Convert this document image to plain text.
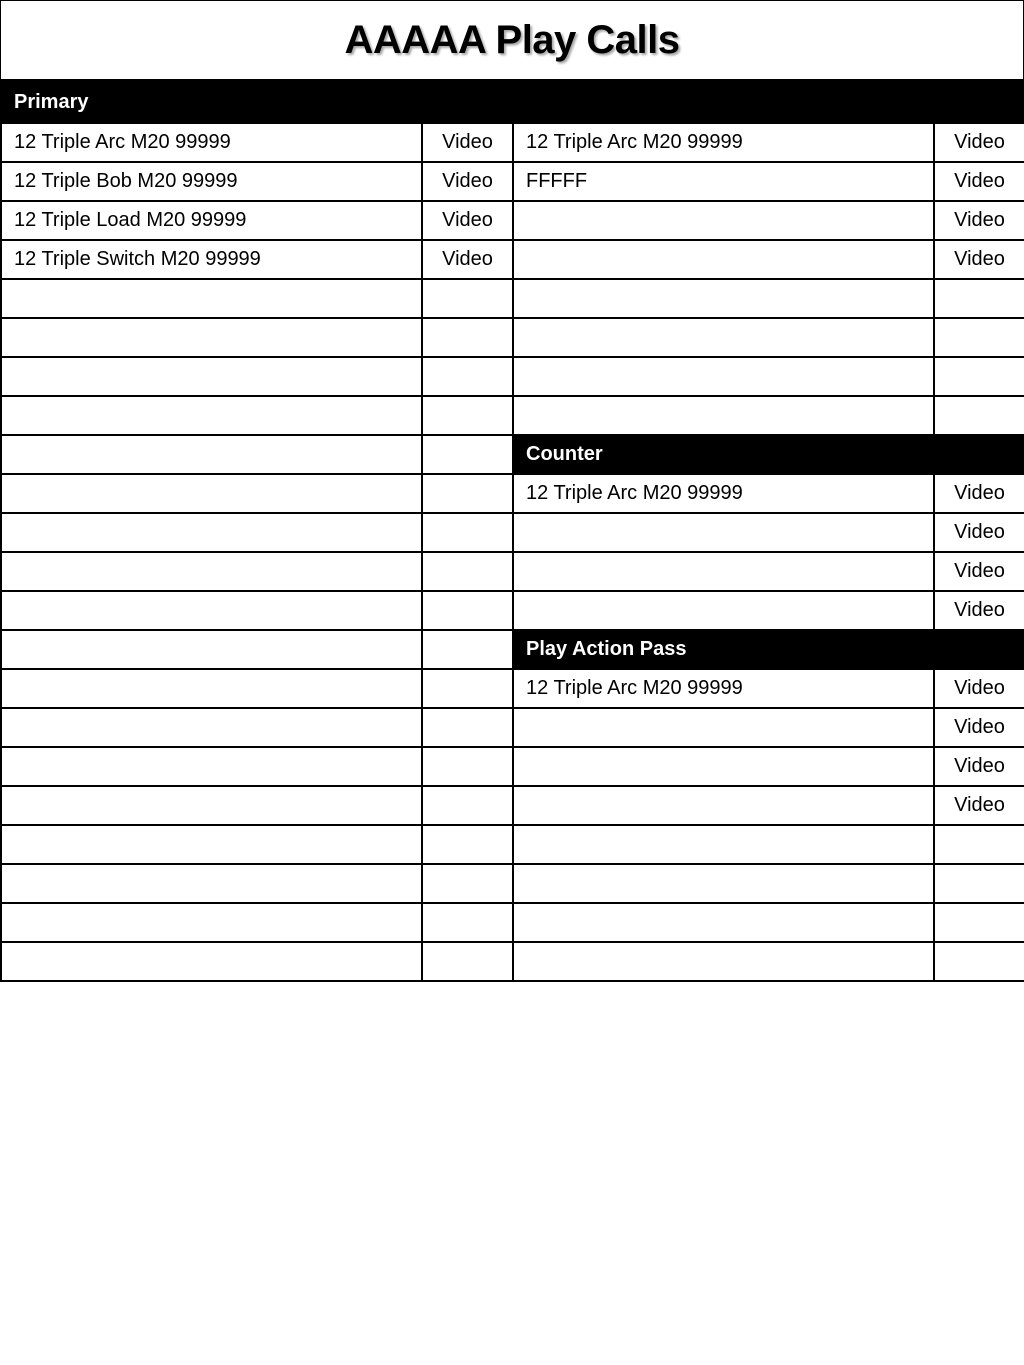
AAAAA Play Calls
Primary			
12 Triple Arc M20 99999	Video	12 Triple Arc M20 99999	Video
12 Triple Bob M20 99999	Video	FFFFF	Video
12 Triple Load M20 99999	Video		Video
12 Triple Switch M20 99999	Video		Video

		Counter	
		12 Triple Arc M20 99999	Video
			Video
			Video
			Video
		Play Action Pass	
		12 Triple Arc M20 99999	Video
			Video
			Video
			Video
